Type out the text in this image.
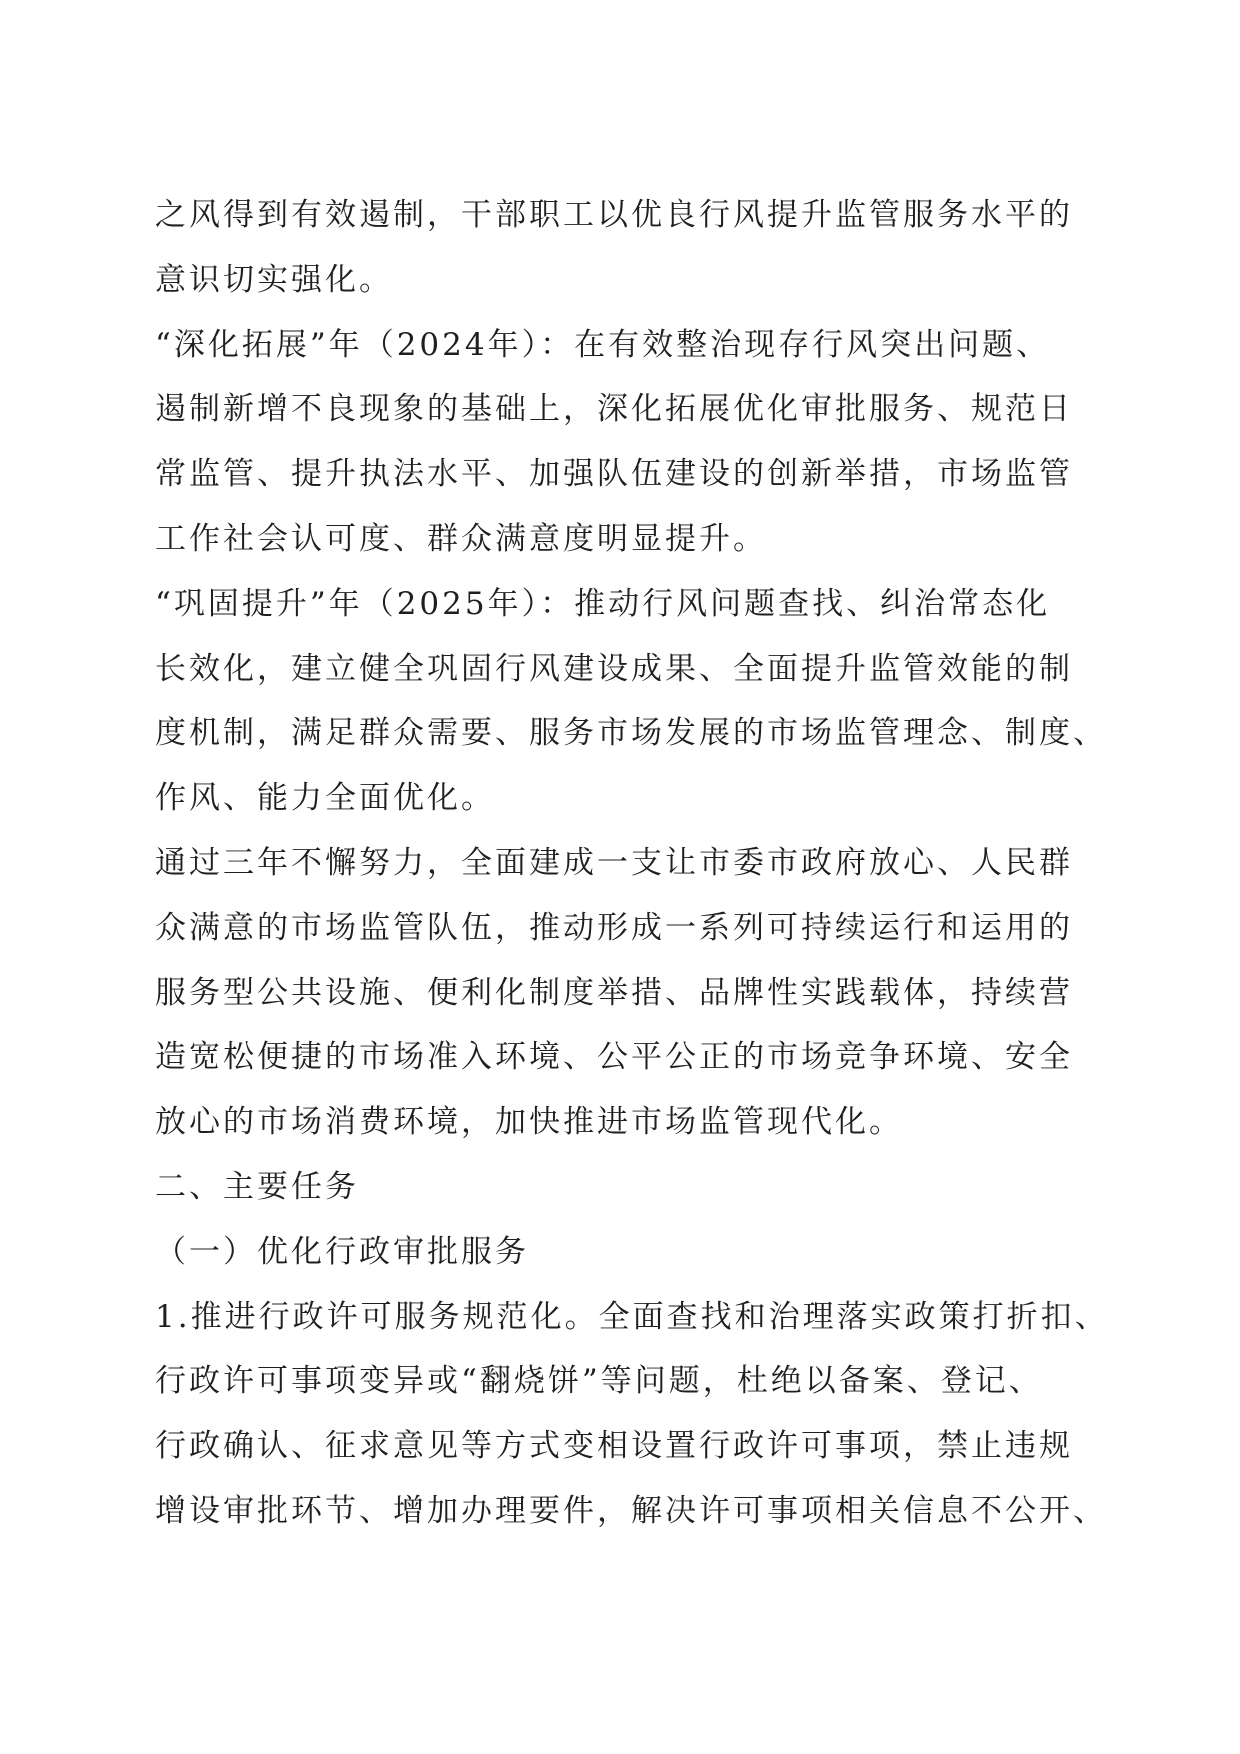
之风得到有效遏制，干部职工以优良行风提升监管服务水平的
意识切实强化。
“深化拓展”年（2024年）：在有效整治现存行风突出问题、
遏制新增不良现象的基础上，深化拓展优化审批服务、规范日
常监管、提升执法水平、加强队伍建设的创新举措，市场监管
工作社会认可度、群众满意度明显提升。
“巩固提升”年（2025年）：推动行风问题查找、纠治常态化
长效化，建立健全巩固行风建设成果、全面提升监管效能的制
度机制，满足群众需要、服务市场发展的市场监管理念、制度、
作风、能力全面优化。
通过三年不懈努力，全面建成一支让市委市政府放心、人民群
众满意的市场监管队伍，推动形成一系列可持续运行和运用的
服务型公共设施、便利化制度举措、品牌性实践载体，持续营
造宽松便捷的市场准入环境、公平公正的市场竞争环境、安全
放心的市场消费环境，加快推进市场监管现代化。
二、主要任务
（一）优化行政审批服务
1.推进行政许可服务规范化。全面查找和治理落实政策打折扣、
行政许可事项变异或“翻烧饼”等问题，杜绝以备案、登记、
行政确认、征求意见等方式变相设置行政许可事项，禁止违规
增设审批环节、增加办理要件，解决许可事项相关信息不公开、
